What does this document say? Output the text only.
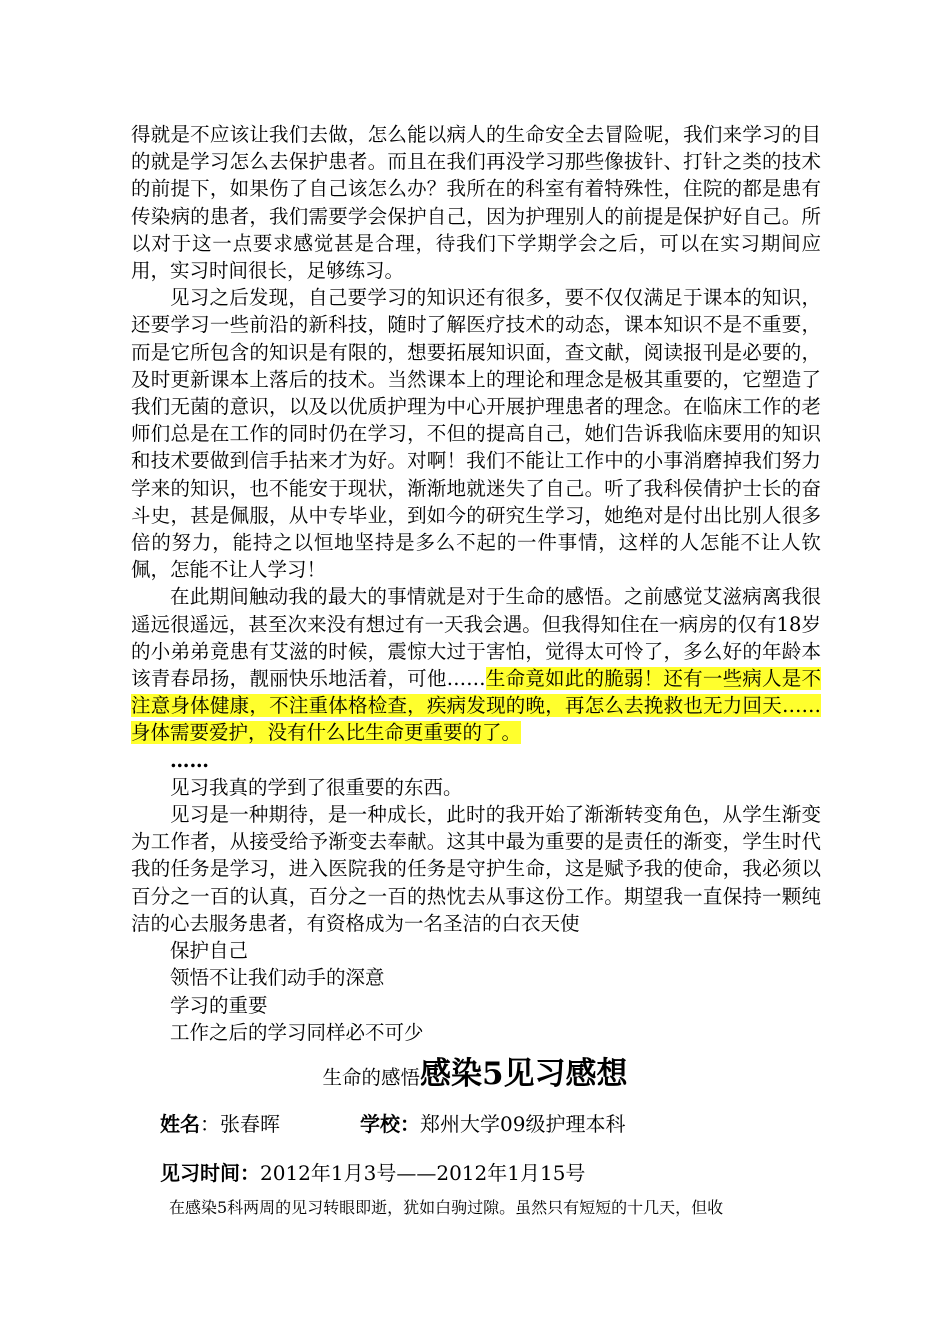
得就是不应该让我们去做，怎么能以病人的生命安全去冒险呢，我们来学习的目的就是学习怎么去保护患者。而且在我们再没学习那些像拔针、打针之类的技术的前提下，如果伤了自己该怎么办？我所在的科室有着特殊性，住院的都是患有传染病的患者，我们需要学会保护自己，因为护理别人的前提是保护好自己。所以对于这一点要求感觉甚是合理，待我们下学期学会之后，可以在实习期间应用，实习时间很长，足够练习。

见习之后发现，自己要学习的知识还有很多，要不仅仅满足于课本的知识，还要学习一些前沿的新科技，随时了解医疗技术的动态，课本知识不是不重要，而是它所包含的知识是有限的，想要拓展知识面，查文献，阅读报刊是必要的，及时更新课本上落后的技术。当然课本上的理论和理念是极其重要的，它塑造了我们无菌的意识，以及以优质护理为中心开展护理患者的理念。在临床工作的老师们总是在工作的同时仍在学习，不但的提高自己，她们告诉我临床要用的知识和技术要做到信手拈来才为好。对啊！我们不能让工作中的小事消磨掉我们努力学来的知识，也不能安于现状，渐渐地就迷失了自己。听了我科侯倩护士长的奋斗史，甚是佩服，从中专毕业，到如今的研究生学习，她绝对是付出比别人很多倍的努力，能持之以恒地坚持是多么不起的一件事情，这样的人怎能不让人钦佩，怎能不让人学习！

在此期间触动我的最大的事情就是对于生命的感悟。之前感觉艾滋病离我很遥远很遥远，甚至次来没有想过有一天我会遇。但我得知住在一病房的仅有18岁的小弟弟竟患有艾滋的时候，震惊大过于害怕，觉得太可怜了，多么好的年龄本该青春昂扬，靓丽快乐地活着，可他……生命竟如此的脆弱！还有一些病人是不注意身体健康，不注重体格检查，疾病发现的晚，再怎么去挽救也无力回天……身体需要爱护，没有什么比生命更重要的了。

……

见习我真的学到了很重要的东西。

见习是一种期待，是一种成长，此时的我开始了渐渐转变角色，从学生渐变为工作者，从接受给予渐变去奉献。这其中最为重要的是责任的渐变，学生时代我的任务是学习，进入医院我的任务是守护生命，这是赋予我的使命，我必须以百分之一百的认真，百分之一百的热忱去从事这份工作。期望我一直保持一颗纯洁的心去服务患者，有资格成为一名圣洁的白衣天使

保护自己

领悟不让我们动手的深意

学习的重要

工作之后的学习同样必不可少

生命的感悟感染5见习感想
姓名：张春晖	学校：郑州大学09级护理本科
见习时间：2012年1月3号——2012年1月15号
在感染5科两周的见习转眼即逝，犹如白驹过隙。虽然只有短短的十几天，但收
